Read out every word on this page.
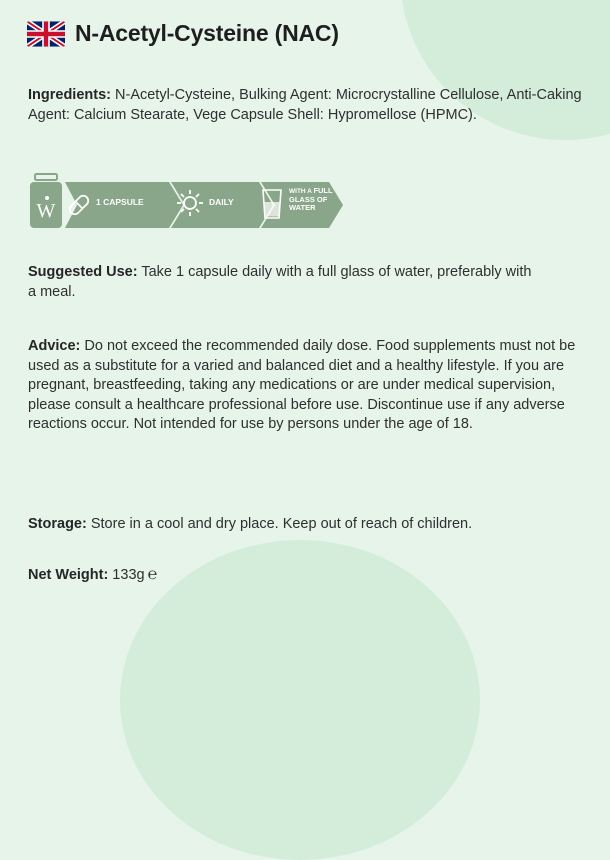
N-Acetyl-Cysteine (NAC)
Ingredients: N-Acetyl-Cysteine, Bulking Agent: Microcrystalline Cellulose, Anti-Caking Agent: Calcium Stearate, Vege Capsule Shell: Hypromellose (HPMC).
W	1 CAPSULE	DAILY
WITH A FULL
GLASS OF
WATER
Suggested Use: Take 1 capsule daily with a full glass of water, preferably with a meal.
Advice: Do not exceed the recommended daily dose. Food supplements must not be used as a substitute for a varied and balanced diet and a healthy lifestyle. If you are pregnant, breastfeeding, taking any medications or are under medical supervision, please consult a healthcare professional before use. Discontinue use if any adverse reactions occur. Not intended for use by persons under the age of 18.
Storage: Store in a cool and dry place. Keep out of reach of children.
Net Weight: 133g ℮
